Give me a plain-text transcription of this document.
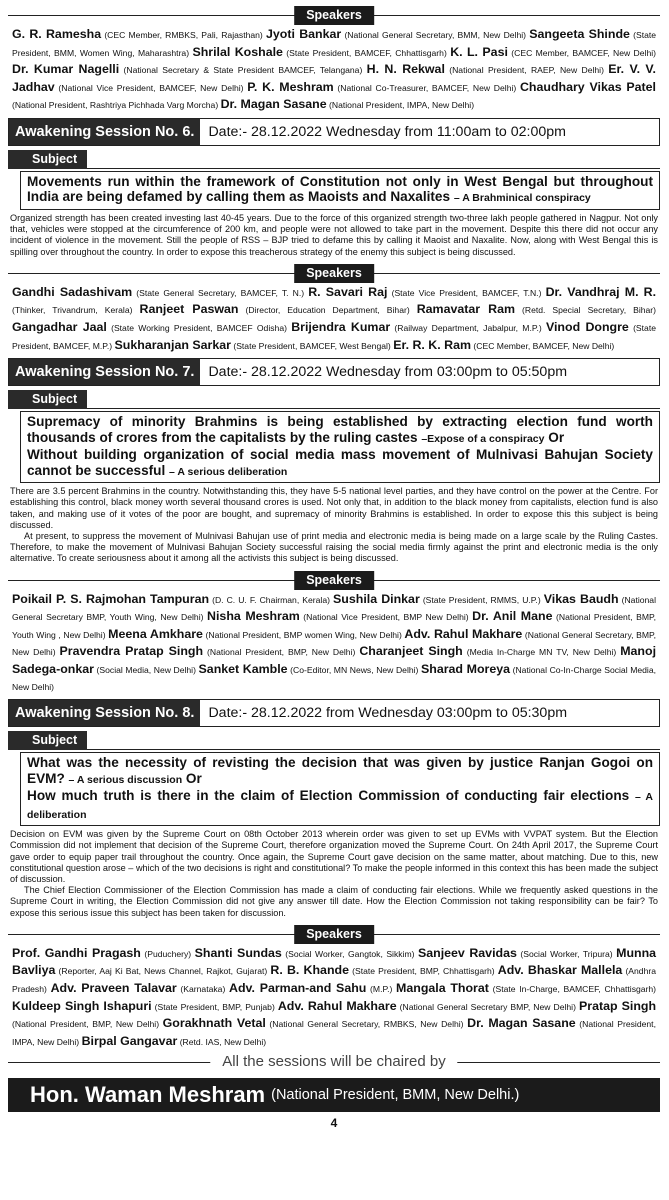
Speakers

G. R. Ramesha (CEC Member, RMBKS, Pali, Rajasthan) Jyoti Bankar (National General Secretary, BMM, New Delhi) Sangeeta Shinde (State President, BMM, Women Wing, Maharashtra) Shrilal Koshale (State President, BAMCEF, Chhattisgarh) K. L. Pasi (CEC Member, BAMCEF, New Delhi) Dr. Kumar Nagelli (National Secretary & State President BAMCEF, Telangana) H. N. Rekwal (National President, RAEP, New Delhi) Er. V. V. Jadhav (National Vice President, BAMCEF, New Delhi) P. K. Meshram (National Co-Treasurer, BAMCEF, New Delhi) Chaudhary Vikas Patel (National President, Rashtriya Pichhada Varg Morcha) Dr. Magan Sasane (National President, IMPA, New Delhi)

Awakening Session No. 6. Date:- 28.12.2022 Wednesday from 11:00am to 02:00pm
Subject
Movements run within the framework of Constitution not only in West Bengal but throughout India are being defamed by calling them as Maoists and Naxalites – A Brahminical conspiracy

Organized strength has been created investing last 40-45 years. Due to the force of this organized strength two-three lakh people gathered in Nagpur. Not only that, vehicles were stopped at the circumference of 200 km, and people were not allowed to take part in the movement. Despite this there did not occur any incident of violence in the movement. Still the people of RSS – BJP tried to defame this by calling it Maoist and Naxalite. Now, along with West Bengal this is spilling over throughout the country. In order to expose this treacherous strategy of the enemy this subject is being discussed.

Speakers

Gandhi Sadashivam (State General Secretary, BAMCEF, T. N.) R. Savari Raj (State Vice President, BAMCEF, T.N.) Dr. Vandhraj M. R. (Thinker, Trivandrum, Kerala) Ranjeet Paswan (Director, Education Department, Bihar) Ramavatar Ram (Retd. Special Secretary, Bihar) Gangadhar Jaal (State Working President, BAMCEF Odisha) Brijendra Kumar (Railway Department, Jabalpur, M.P.) Vinod Dongre (State President, BAMCEF, M.P.) Sukharanjan Sarkar (State President, BAMCEF, West Bengal) Er. R. K. Ram (CEC Member, BAMCEF, New Delhi)

Awakening Session No. 7. Date:- 28.12.2022 Wednesday from 03:00pm to 05:50pm
Subject
Supremacy of minority Brahmins is being established by extracting election fund worth thousands of crores from the capitalists by the ruling castes –Expose of a conspiracy Or
Without building organization of social media mass movement of Mulnivasi Bahujan Society cannot be successful – A serious deliberation

There are 3.5 percent Brahmins in the country. Notwithstanding this, they have 5-5 national level parties, and they have control on the power at the Centre. For establishing this control, black money worth several thousand crores is used. Not only that, in addition to the black money from capitalists, election fund is also taken, and making use of it votes of the poor are bought, and supremacy of minority Brahmins is established. In order to expose this this subject is being discussed.

At present, to suppress the movement of Mulnivasi Bahujan use of print media and electronic media is being made on a large scale by the Ruling Castes. Therefore, to make the movement of Mulnivasi Bahujan Society successful raising the social media firmly against the print and electronic media is the only alternative. To create seriousness about it among all the activists this subject is being discussed.

Speakers

Poikail P. S. Rajmohan Tampuran (D. C. U. F. Chairman, Kerala) Sushila Dinkar (State President, RMMS, U.P.) Vikas Baudh (National General Secretary BMP, Youth Wing, New Delhi) Nisha Meshram (National Vice President, BMP New Delhi) Dr. Anil Mane (National President, BMP, Youth Wing , New Delhi) Meena Amkhare (National President, BMP women Wing, New Delhi) Adv. Rahul Makhare (National General Secretary, BMP, New Delhi) Pravendra Pratap Singh (National President, BMP, New Delhi) Charanjeet Singh (Media In-Charge MN TV, New Delhi) Manoj Sadega-onkar (Social Media, New Delhi) Sanket Kamble (Co-Editor, MN News, New Delhi) Sharad Moreya (National Co-In-Charge Social Media, New Delhi)

Awakening Session No. 8. Date:- 28.12.2022 from Wednesday 03:00pm to 05:30pm
Subject
What was the necessity of revisting the decision that was given by justice Ranjan Gogoi on EVM? – A serious discussion Or
How much truth is there in the claim of Election Commission of conducting fair elections – A deliberation

Decision on EVM was given by the Supreme Court on 08th October 2013 wherein order was given to set up EVMs with VVPAT system. But the Election Commission did not implement that decision of the Supreme Court, therefore organization moved the Supreme Court. On 24th April 2017, the Supreme Court gave order to equip paper trail throughout the country. Once again, the Supreme Court gave decision on the same matter, about matching. Due to this, new constitutional question arose – which of the two decisions is right and constitutional? To make the people informed in this context this has been made the subject of discussion.

The Chief Election Commissioner of the Election Commission has made a claim of conducting fair elections. While we frequently asked questions in the Supreme Court in writing, the Election Commission did not give any answer till date. How the Election Commission not taking responsibility can be fair? To expose this serious issue this subject has been taken for discussion.

Speakers

Prof. Gandhi Pragash (Puduchery) Shanti Sundas (Social Worker, Gangtok, Sikkim) Sanjeev Ravidas (Social Worker, Tripura) Munna Bavliya (Reporter, Aaj Ki Bat, News Channel, Rajkot, Gujarat) R. B. Khande (State President, BMP, Chhattisgarh) Adv. Bhaskar Mallela (Andhra Pradesh) Adv. Praveen Talavar (Karnataka) Adv. Parman-and Sahu (M.P.) Mangala Thorat (State In-Charge, BAMCEF, Chhattisgarh) Kuldeep Singh Ishapuri (State President, BMP, Punjab) Adv. Rahul Makhare (National General Secretary BMP, New Delhi) Pratap Singh (National President, BMP, New Delhi) Gorakhnath Vetal (National General Secretary, RMBKS, New Delhi) Dr. Magan Sasane (National President, IMPA, New Delhi) Birpal Gangavar (Retd. IAS, New Delhi)

All the sessions will be chaired by
Hon. Waman Meshram (National President, BMM, New Delhi.)
4
